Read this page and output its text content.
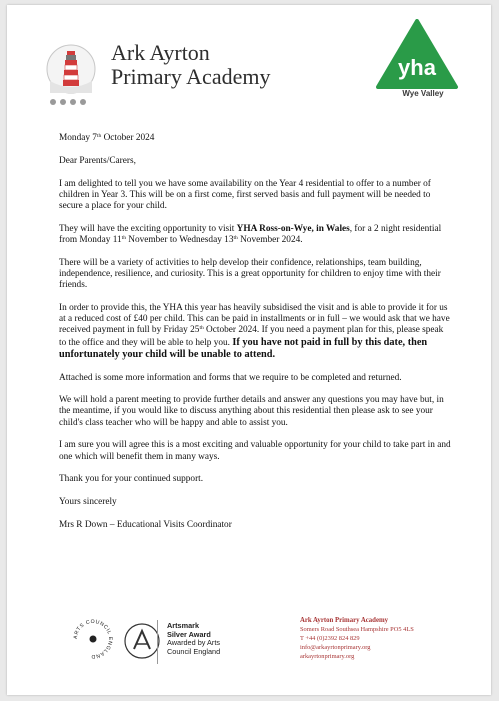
Ark Ayrton
Primary Academy	yha
Wye Valley

Monday 7th October 2024

Dear Parents/Carers,

I am delighted to tell you we have some availability on the Year 4 residential to offer to a number of children in Year 3. This will be on a first come, first served basis and full payment will be needed to secure a place for your child.

They will have the exciting opportunity to visit YHA Ross-on-Wye, in Wales, for a 2 night residential from Monday 11th November to Wednesday 13th November 2024.

There will be a variety of activities to help develop their confidence, relationships, team building, independence, resilience, and curiosity. This is a great opportunity for children to enjoy time with their friends.

In order to provide this, the YHA this year has heavily subsidised the visit and is able to provide it for us at a reduced cost of £40 per child. This can be paid in installments or in full – we would ask that we have received payment in full by Friday 25th October 2024. If you need a payment plan for this, please speak to the office and they will be able to help you. If you have not paid in full by this date, then unfortunately your child will be unable to attend.

Attached is some more information and forms that we require to be completed and returned.

We will hold a parent meeting to provide further details and answer any questions you may have but, in the meantime, if you would like to discuss anything about this residential then please ask to see your child's class teacher who will be happy and able to assist you.

I am sure you will agree this is a most exciting and valuable opportunity for your child to take part in and one which will benefit them in many ways.

Thank you for your continued support.

Yours sincerely

Mrs R Down – Educational Visits Coordinator

ARTS COUNCIL ENGLAND
Artsmark
Silver Award
Awarded by Arts
Council England
Ark Ayrton Primary Academy
Somers Road Southsea Hampshire PO5 4LS
T +44 (0)2392 824 829
info@arkayrtonprimary.org
arkayrtonprimary.org
